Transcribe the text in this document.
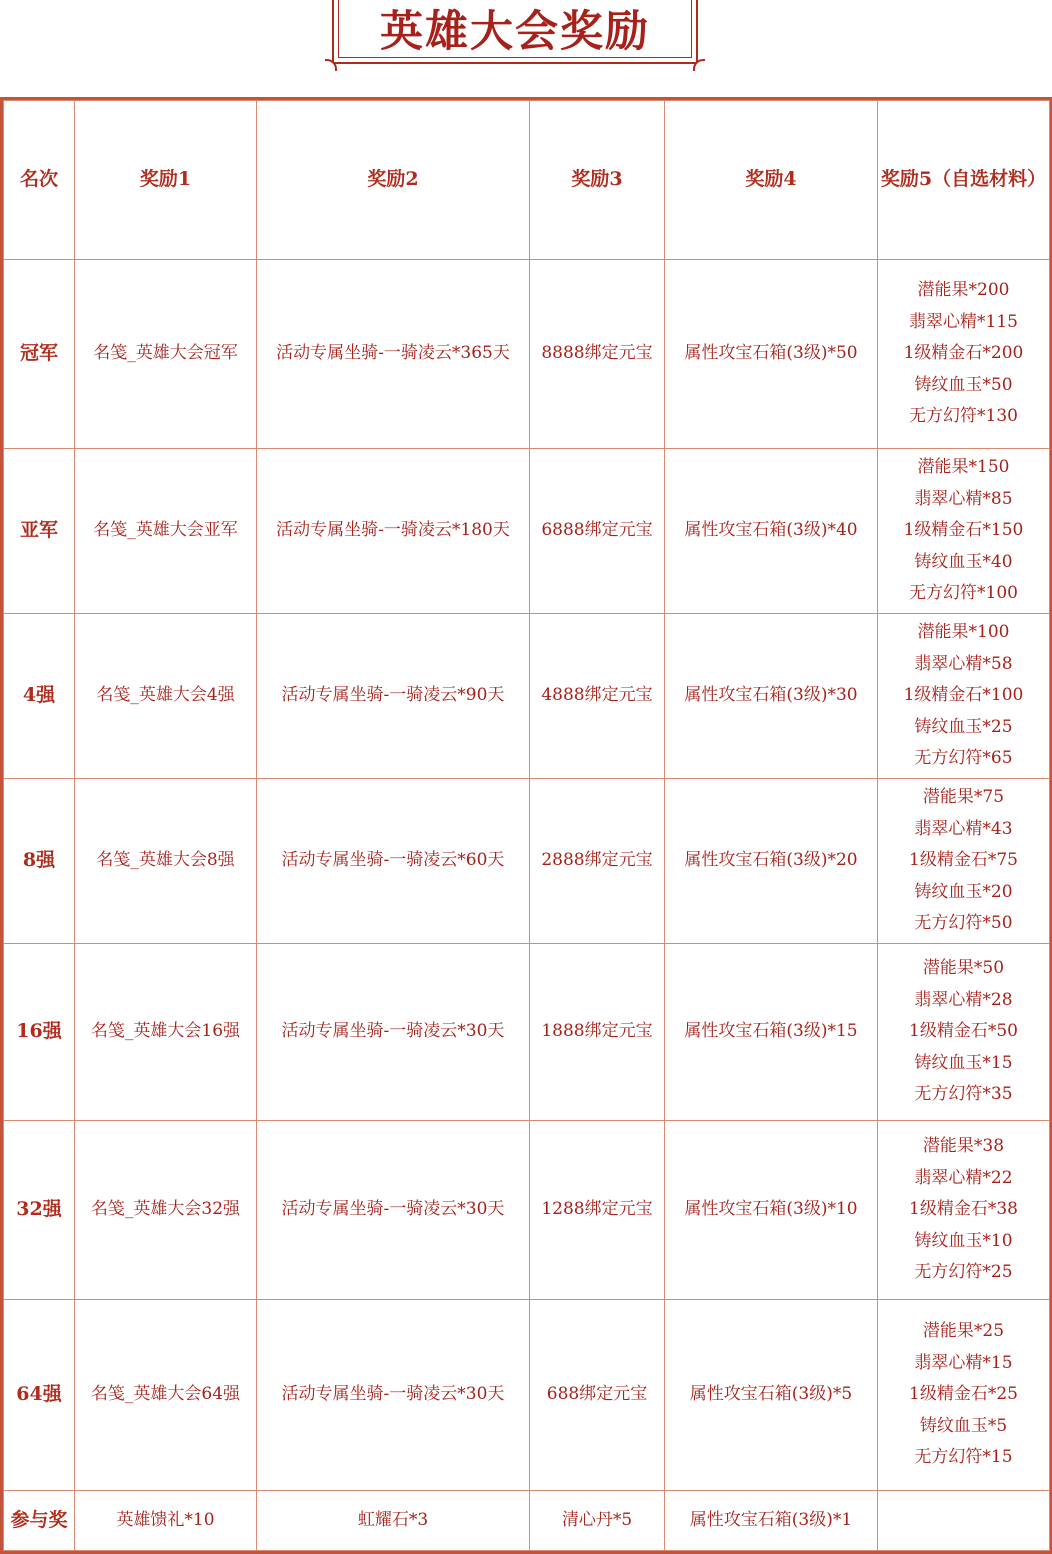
英雄大会奖励
名次	奖励1	奖励2	奖励3	奖励4	奖励5（自选材料）
冠军	名笺_英雄大会冠军	活动专属坐骑-一骑凌云*365天	8888绑定元宝	属性攻宝石箱(3级)*50	潜能果*200
翡翠心精*115
1级精金石*200
铸纹血玉*50
无方幻符*130

亚军	名笺_英雄大会亚军	活动专属坐骑-一骑凌云*180天	6888绑定元宝	属性攻宝石箱(3级)*40	潜能果*150
翡翠心精*85
1级精金石*150
铸纹血玉*40
无方幻符*100

4强	名笺_英雄大会4强	活动专属坐骑-一骑凌云*90天	4888绑定元宝	属性攻宝石箱(3级)*30	潜能果*100
翡翠心精*58
1级精金石*100
铸纹血玉*25
无方幻符*65

8强	名笺_英雄大会8强	活动专属坐骑-一骑凌云*60天	2888绑定元宝	属性攻宝石箱(3级)*20	潜能果*75
翡翠心精*43
1级精金石*75
铸纹血玉*20
无方幻符*50

16强	名笺_英雄大会16强	活动专属坐骑-一骑凌云*30天	1888绑定元宝	属性攻宝石箱(3级)*15	潜能果*50
翡翠心精*28
1级精金石*50
铸纹血玉*15
无方幻符*35

32强	名笺_英雄大会32强	活动专属坐骑-一骑凌云*30天	1288绑定元宝	属性攻宝石箱(3级)*10	潜能果*38
翡翠心精*22
1级精金石*38
铸纹血玉*10
无方幻符*25

64强	名笺_英雄大会64强	活动专属坐骑-一骑凌云*30天	688绑定元宝	属性攻宝石箱(3级)*5	潜能果*25
翡翠心精*15
1级精金石*25
铸纹血玉*5
无方幻符*15

参与奖	英雄馈礼*10	虹耀石*3	清心丹*5	属性攻宝石箱(3级)*1	
